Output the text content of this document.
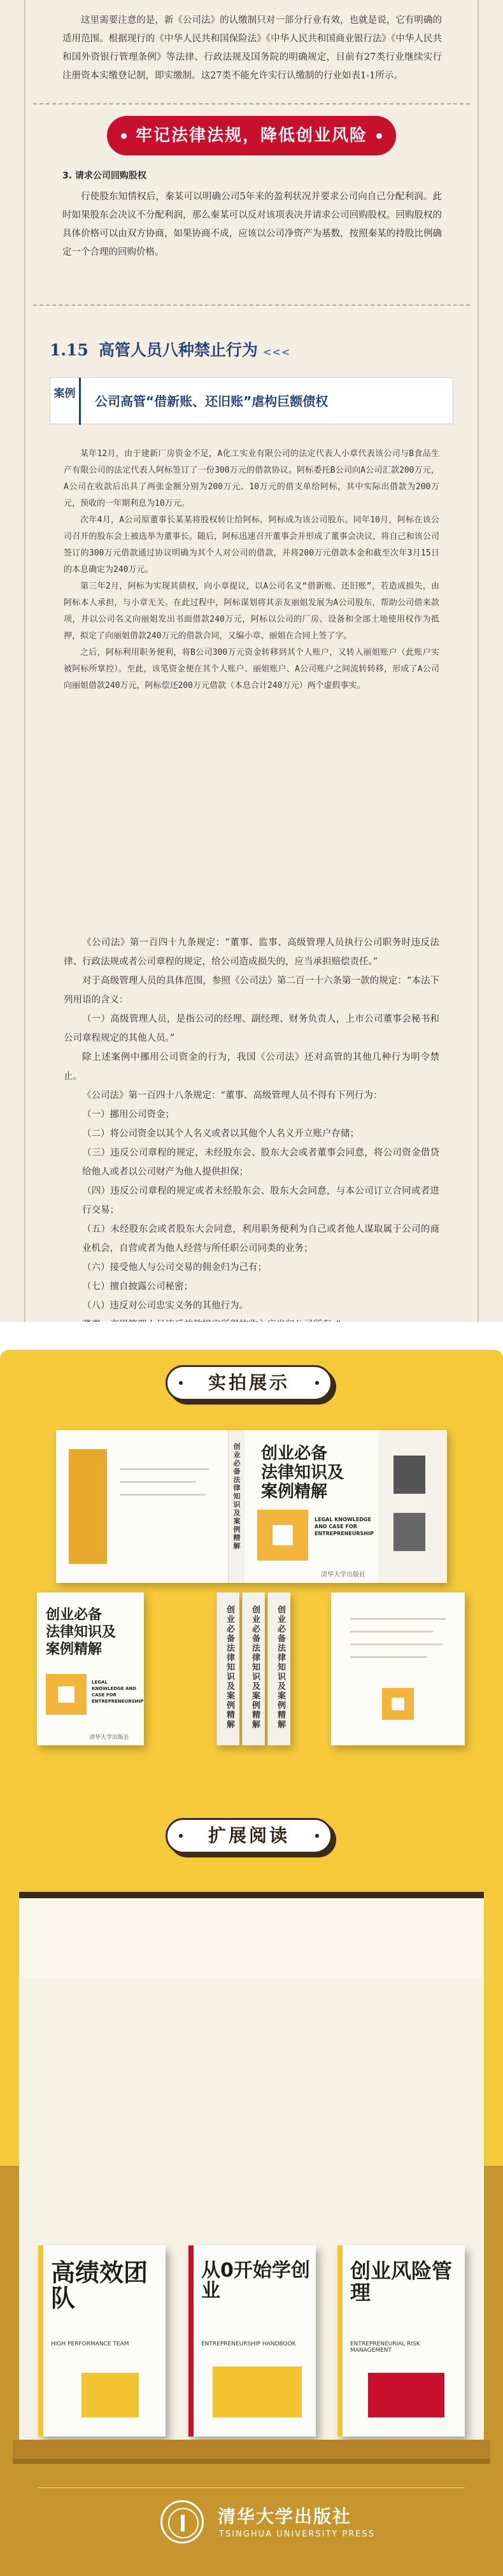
这里需要注意的是，新《公司法》的认缴制只对一部分行业有效，也就是说，它有明确的适用范围。根据现行的《中华人民共和国保险法》《中华人民共和国商业银行法》《中华人民共和国外资银行管理条例》等法律、行政法规及国务院的明确规定，目前有27类行业继续实行注册资本实缴登记制，即实缴制。这27类不能允许实行认缴制的行业如表1-1所示。

牢记法律法规，降低创业风险

3. 请求公司回购股权

行使股东知情权后，秦某可以明确公司5年来的盈利状况并要求公司向自己分配利润。此时如果股东会决议不分配利润，那么秦某可以反对该项表决并请求公司回购股权。回购股权的具体价格可以由双方协商，如果协商不成，应该以公司净资产为基数，按照秦某的持股比例确定一个合理的回购价格。

1.15 高管人员八种禁止行为 <<<
案例 公司高管“借新账、还旧账”虐构巨额债权

某年12月，由于建新厂房资金不足，A化工实业有限公司的法定代表人小章代表该公司与B食品生产有限公司的法定代表人阿标签订了一份300万元的借款协议。阿标委托B公司向A公司汇款200万元，A公司在收款后出具了两张金额分别为200万元、10万元的借支单给阿标，其中实际出借款为200万元，预收的一年期利息为10万元。

次年4月，A公司原董事长某某将股权转让给阿标，阿标成为该公司股东。同年10月，阿标在该公司召开的股东会上被选举为董事长。随后，阿标迅速召开董事会并形成了董事会决议，将自己和该公司签订的300万元借款通过协议明确为其个人对公司的借款，并将200万元借款本金和截至次年3月15日的本息确定为240万元。

第三年2月，阿标为实现其债权，向小章提议，以A公司名义“借新账、还旧账”，若造成损失，由阿标本人承担，与小章无关。在此过程中，阿标谋划将其亲友丽姐发展为A公司股东，帮助公司借来款项，并以公司名义向丽姐发出书面借款240万元，阿标以公司的厂房、设备和全部土地使用权作为抵押，拟定了向丽姐借款240万元的借款合同，又编小章、丽姐在合同上签了字。

之后，阿标利用职务便利，将B公司300万元资金转移到其个人账户，又转入丽姐账户（此账户实被阿标所掌控）。至此，该笔资金便在其个人账户、丽姐账户、A公司账户之间流转转移，形成了A公司向丽姐借款240万元，阿标偿还200万元借款（本息合计240万元）两个虚假事实。

《公司法》第一百四十九条规定：“董事、监事、高级管理人员执行公司职务时违反法律、行政法规或者公司章程的规定，给公司造成损失的，应当承担赔偿责任。”

对于高级管理人员的具体范围，参照《公司法》第二百一十六条第一款的规定：“本法下列用语的含义：

（一）高级管理人员，是指公司的经理、副经理、财务负责人，上市公司董事会秘书和公司章程规定的其他人员。”

除上述案例中挪用公司资金的行为，我国《公司法》还对高管的其他几种行为明令禁止。

《公司法》第一百四十八条规定：“董事、高级管理人员不得有下列行为：

（一）挪用公司资金；

（二）将公司资金以其个人名义或者以其他个人名义开立账户存储；

（三）违反公司章程的规定，未经股东会、股东大会或者董事会同意，将公司资金借贷给他人或者以公司财产为他人提供担保；

（四）违反公司章程的规定或者未经股东会、股东大会同意，与本公司订立合同或者进行交易；

（五）未经股东会或者股东大会同意，利用职务便利为自己或者他人谋取属于公司的商业机会，自营或者为他人经营与所任职公司同类的业务；

（六）接受他人与公司交易的佣金归为己有；

（七）擅自披露公司秘密；

（八）违反对公司忠实义务的其他行为。

实拍展示
创业必备法律知识及案例精解 创业必备
法律知识及
案例精解
LEGAL KNOWLEDGE AND CASE FOR ENTREPRENEURSHIP
清华大学出版社
创业必备
法律知识及
案例精解
LEGAL KNOWLEDGE AND CASE FOR ENTREPRENEURSHIP
清华大学出版社
创业必备法律知识及案例精解 创业必备法律知识及案例精解 创业必备法律知识及案例精解
扩展阅读
高绩效团队
HIGH PERFORMANCE TEAM
从0开始学创业
ENTREPRENEURSHIP HANDBOOK
创业风险管理
ENTREPRENEURIAL RISK MANAGEMENT
清华大学出版社
TSINGHUA UNIVERSITY PRESS
